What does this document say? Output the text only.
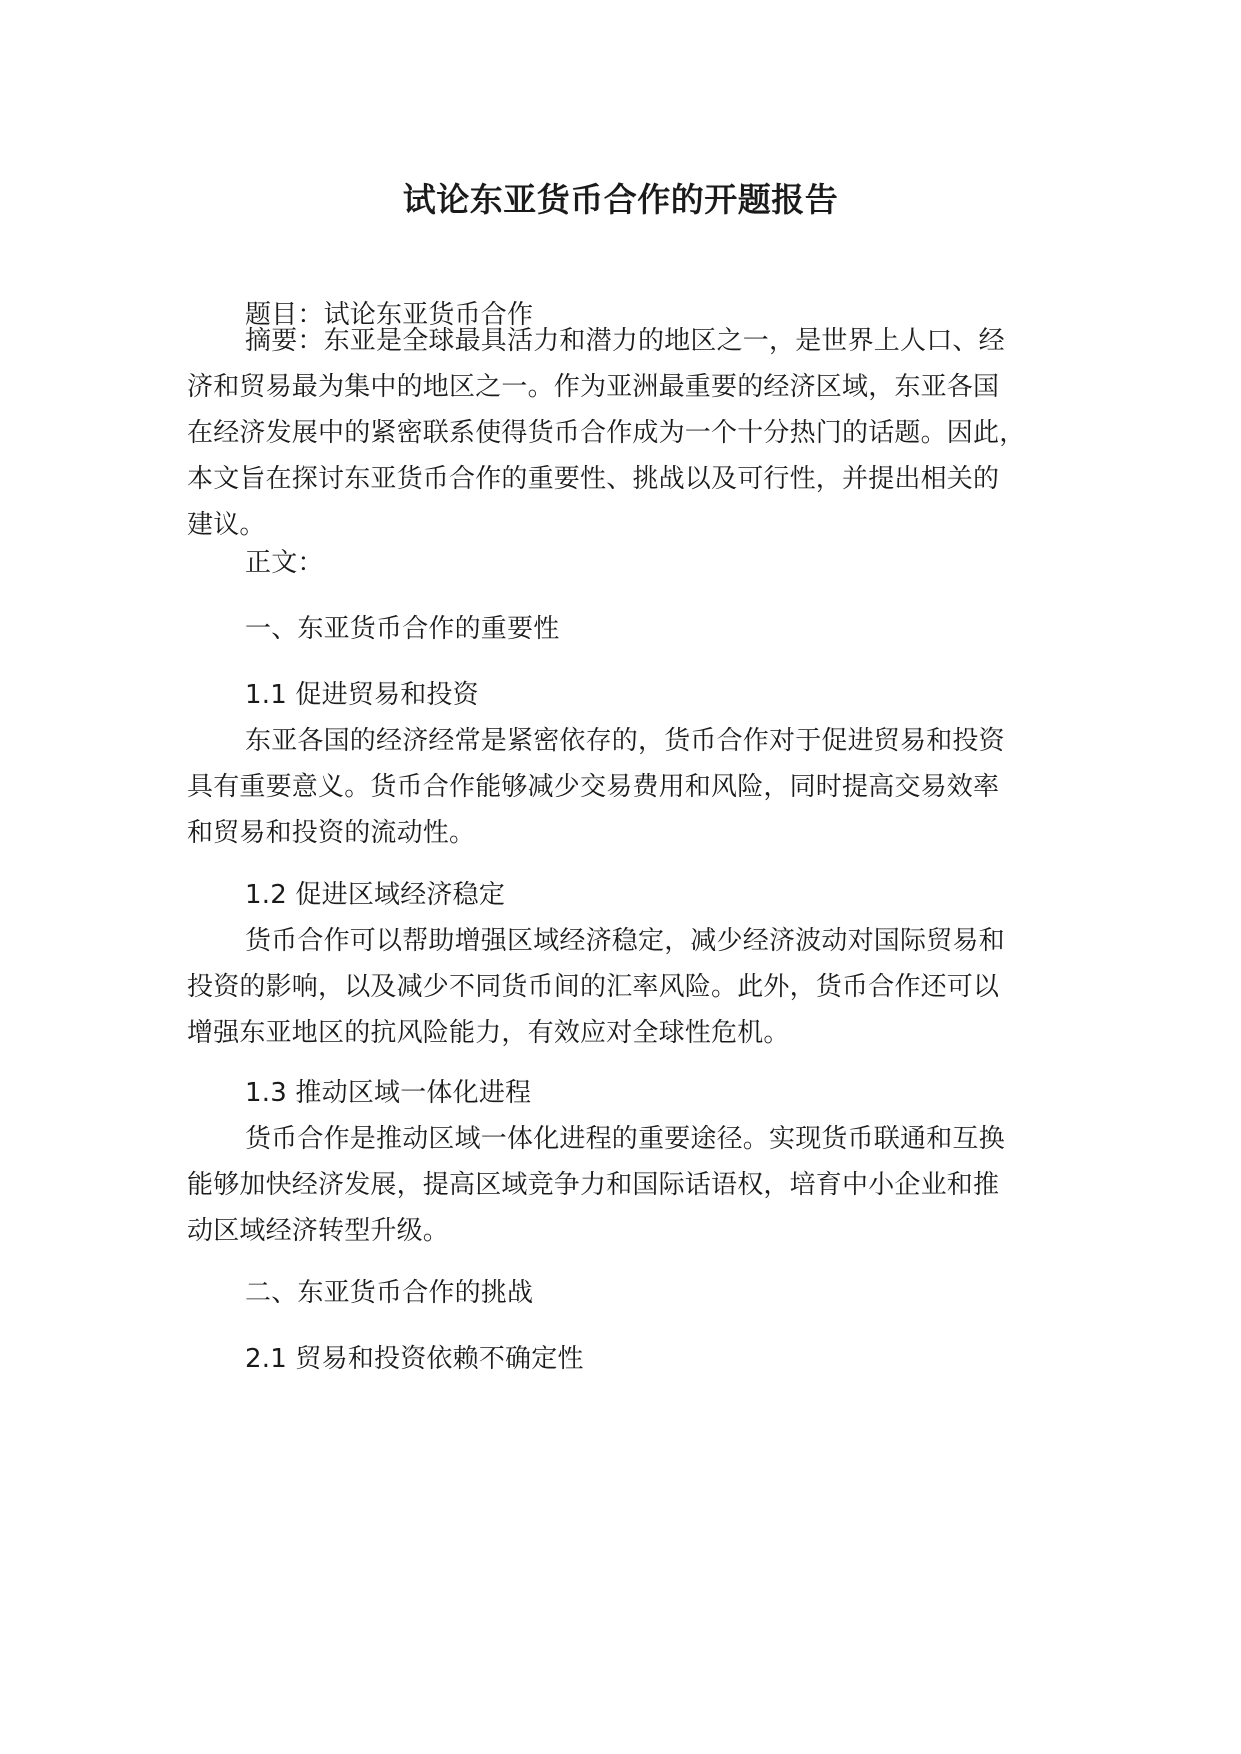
试论东亚货币合作的开题报告
题目：试论东亚货币合作
摘要：东亚是全球最具活力和潜力的地区之一，是世界上人口、经
济和贸易最为集中的地区之一。作为亚洲最重要的经济区域，东亚各国
在经济发展中的紧密联系使得货币合作成为一个十分热门的话题。因此，
本文旨在探讨东亚货币合作的重要性、挑战以及可行性，并提出相关的
建议。
正文：
一、东亚货币合作的重要性
1.1 促进贸易和投资
东亚各国的经济经常是紧密依存的，货币合作对于促进贸易和投资
具有重要意义。货币合作能够减少交易费用和风险，同时提高交易效率
和贸易和投资的流动性。
1.2 促进区域经济稳定
货币合作可以帮助增强区域经济稳定，减少经济波动对国际贸易和
投资的影响，以及减少不同货币间的汇率风险。此外，货币合作还可以
增强东亚地区的抗风险能力，有效应对全球性危机。
1.3 推动区域一体化进程
货币合作是推动区域一体化进程的重要途径。实现货币联通和互换
能够加快经济发展，提高区域竞争力和国际话语权，培育中小企业和推
动区域经济转型升级。
二、东亚货币合作的挑战
2.1 贸易和投资依赖不确定性
